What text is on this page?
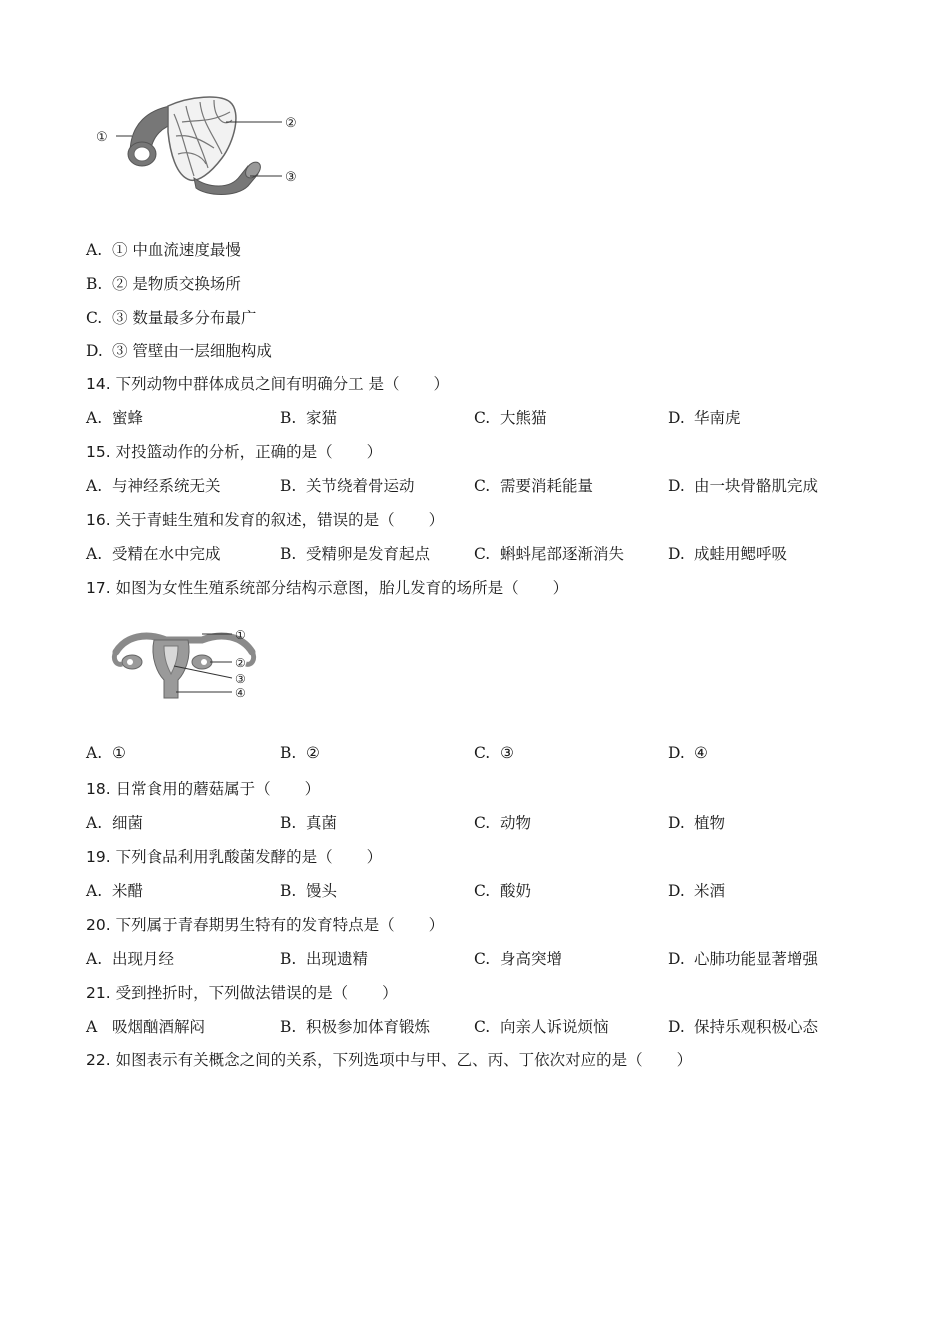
①
②
③
A. ① 中血流速度最慢
B. ② 是物质交换场所
C. ③ 数量最多分布最广
D. ③ 管壁由一层细胞构成
14. 下列动物中群体成员之间有明确分工 是（ ）
A. 蜜蜂	B. 家猫	C. 大熊猫	D. 华南虎
15. 对投篮动作的分析，正确的是（ ）
A. 与神经系统无关	B. 关节绕着骨运动	C. 需要消耗能量	D. 由一块骨骼肌完成
16. 关于青蛙生殖和发育的叙述，错误的是（ ）
A. 受精在水中完成	B. 受精卵是发育起点	C. 蝌蚪尾部逐渐消失	D. 成蛙用鳃呼吸
17. 如图为女性生殖系统部分结构示意图，胎儿发育的场所是（ ）
①
②
③
④
A. ①	B. ②	C. ③	D. ④
18. 日常食用的蘑菇属于（ ）
A. 细菌	B. 真菌	C. 动物	D. 植物
19. 下列食品利用乳酸菌发酵的是（ ）
A. 米醋	B. 馒头	C. 酸奶	D. 米酒
20. 下列属于青春期男生特有的发育特点是（ ）
A. 出现月经	B. 出现遗精	C. 身高突增	D. 心肺功能显著增强
21. 受到挫折时，下列做法错误的是（ ）
A 吸烟酗酒解闷	B. 积极参加体育锻炼	C. 向亲人诉说烦恼	D. 保持乐观积极心态
22. 如图表示有关概念之间的关系，下列选项中与甲、乙、丙、丁依次对应的是（ ）
